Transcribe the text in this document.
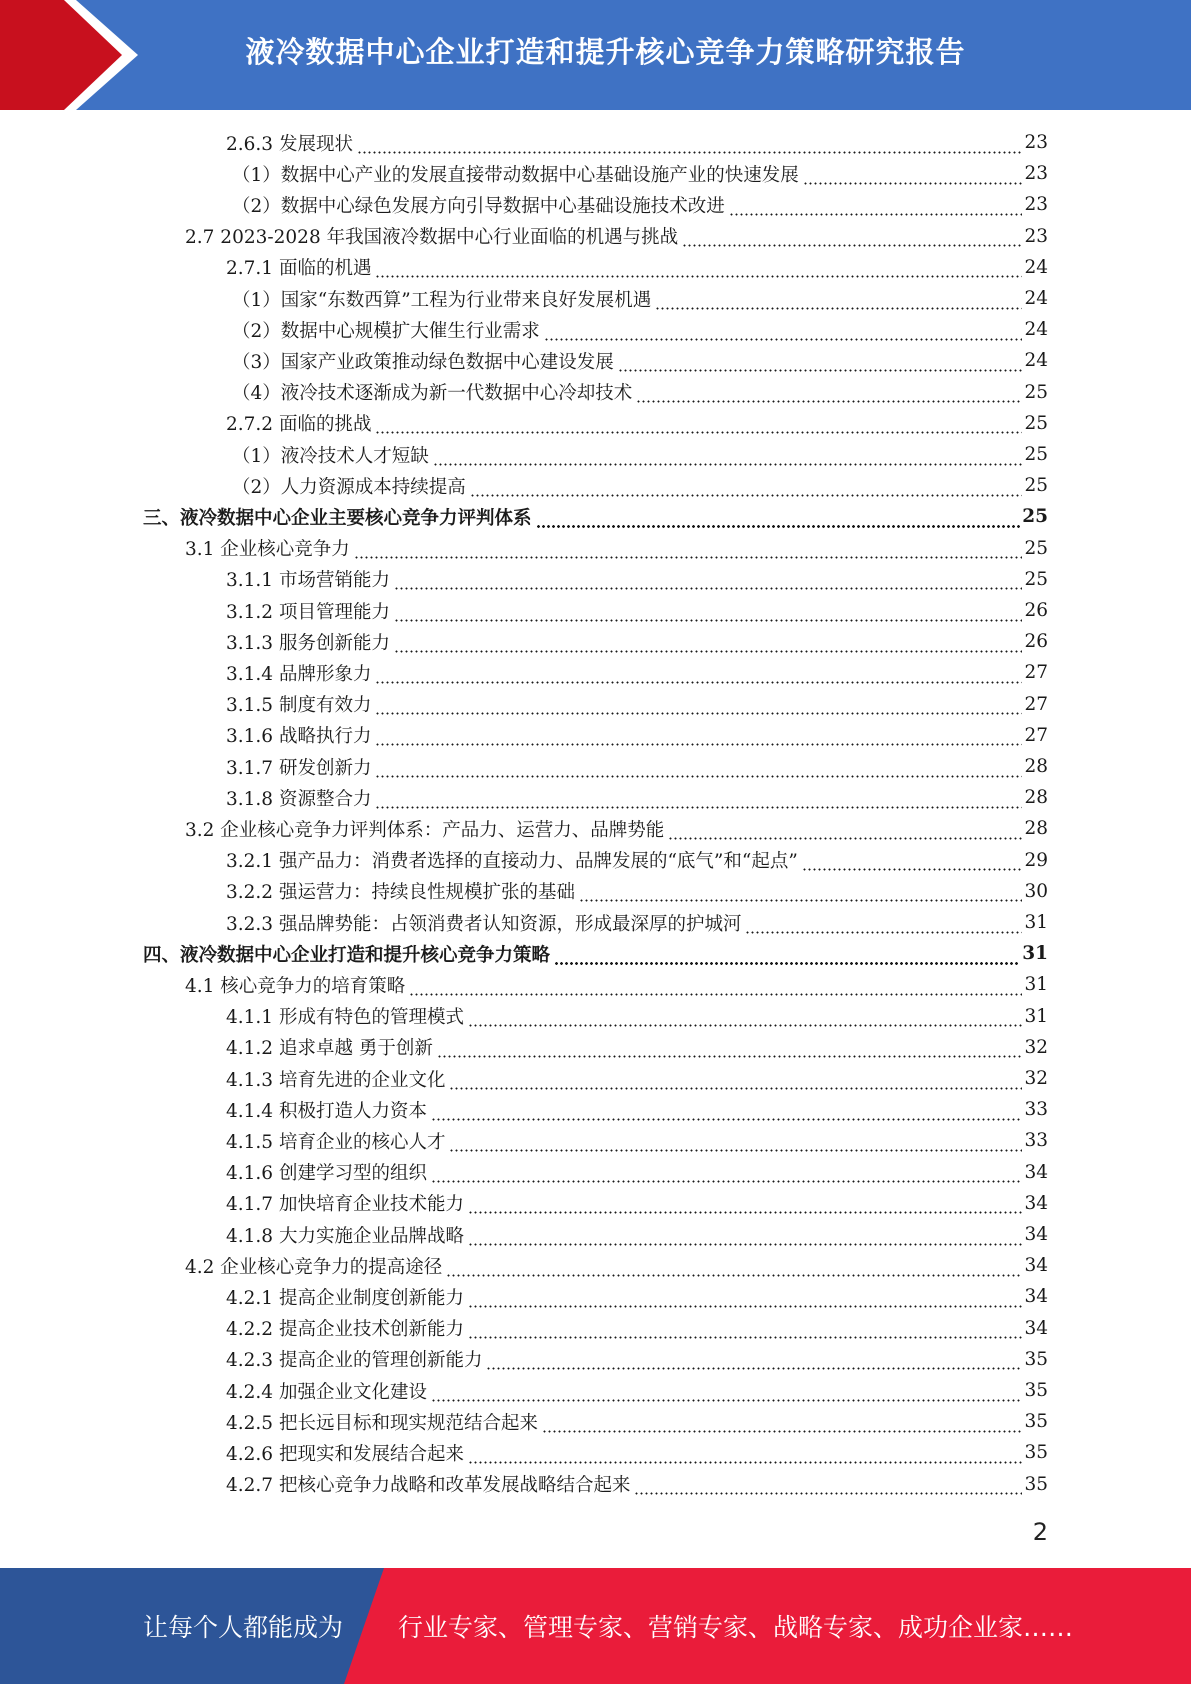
液冷数据中心企业打造和提升核心竞争力策略研究报告
2.6.3 发展现状	23
（1）数据中心产业的发展直接带动数据中心基础设施产业的快速发展	23
（2）数据中心绿色发展方向引导数据中心基础设施技术改进	23
2.7 2023-2028 年我国液冷数据中心行业面临的机遇与挑战	23
2.7.1 面临的机遇	24
（1）国家“东数西算”工程为行业带来良好发展机遇	24
（2）数据中心规模扩大催生行业需求	24
（3）国家产业政策推动绿色数据中心建设发展	24
（4）液冷技术逐渐成为新一代数据中心冷却技术	25
2.7.2 面临的挑战	25
（1）液冷技术人才短缺	25
（2）人力资源成本持续提高	25
三、液冷数据中心企业主要核心竞争力评判体系	25
3.1 企业核心竞争力	25
3.1.1 市场营销能力	25
3.1.2 项目管理能力	26
3.1.3 服务创新能力	26
3.1.4 品牌形象力	27
3.1.5 制度有效力	27
3.1.6 战略执行力	27
3.1.7 研发创新力	28
3.1.8 资源整合力	28
3.2 企业核心竞争力评判体系：产品力、运营力、品牌势能	28
3.2.1 强产品力：消费者选择的直接动力、品牌发展的“底气”和“起点”	29
3.2.2 强运营力：持续良性规模扩张的基础	30
3.2.3 强品牌势能：占领消费者认知资源，形成最深厚的护城河	31
四、液冷数据中心企业打造和提升核心竞争力策略	31
4.1 核心竞争力的培育策略	31
4.1.1 形成有特色的管理模式	31
4.1.2 追求卓越 勇于创新	32
4.1.3 培育先进的企业文化	32
4.1.4 积极打造人力资本	33
4.1.5 培育企业的核心人才	33
4.1.6 创建学习型的组织	34
4.1.7 加快培育企业技术能力	34
4.1.8 大力实施企业品牌战略	34
4.2 企业核心竞争力的提高途径	34
4.2.1 提高企业制度创新能力	34
4.2.2 提高企业技术创新能力	34
4.2.3 提高企业的管理创新能力	35
4.2.4 加强企业文化建设	35
4.2.5 把长远目标和现实规范结合起来	35
4.2.6 把现实和发展结合起来	35
4.2.7 把核心竞争力战略和改革发展战略结合起来	35
2
让每个人都能成为 行业专家、管理专家、营销专家、战略专家、成功企业家……
